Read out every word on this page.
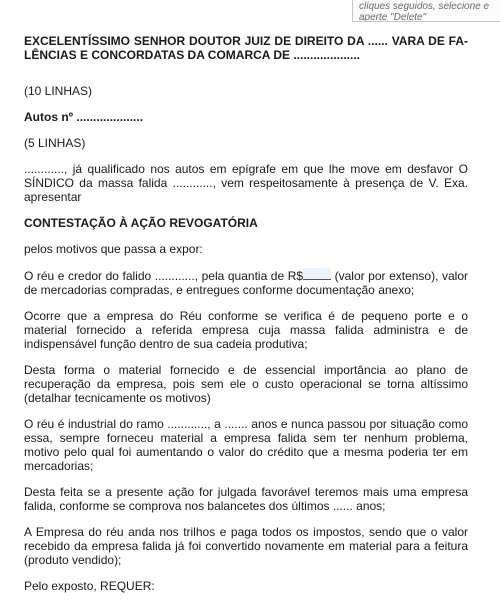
cliques seguidos, selecione e
aperte "Delete"

EXCELENTÍSSIMO SENHOR DOUTOR JUIZ DE DIREITO DA ...... VARA DE FA-LÊNCIAS E CONCORDATAS DA COMARCA DE ....................

(10 LINHAS)

Autos nº ....................

(5 LINHAS)

............, já qualificado nos autos em epígrafe em que lhe move em desfavor O SÍNDICO da massa falida ............, vem respeitosamente à presença de V. Exa. apresentar

CONTESTAÇÃO À AÇÃO REVOGATÓRIA

pelos motivos que passa a expor:

O réu e credor do falido ............, pela quantia de R$ (valor por extenso), valor de mercadorias compradas, e entregues conforme documentação anexo;

Ocorre que a empresa do Réu conforme se verifica é de pequeno porte e o material fornecido a referida empresa cuja massa falida administra e de indispensável função dentro de sua cadeia produtiva;

Desta forma o material fornecido e de essencial importância ao plano de recuperação da empresa, pois sem ele o custo operacional se torna altíssimo (detalhar tecnicamente os motivos)

O réu é industrial do ramo ............, a ....... anos e nunca passou por situação como essa, sempre forneceu material a empresa falida sem ter nenhum problema, motivo pelo qual foi aumentando o valor do crédito que a mesma poderia ter em mercadorias;

Desta feita se a presente ação for julgada favorável teremos mais uma empresa falida, conforme se comprova nos balancetes dos últimos ...... anos;

A Empresa do réu anda nos trilhos e paga todos os impostos, sendo que o valor recebido da empresa falida já foi convertido novamente em material para a feitura (produto vendido);

Pelo exposto, REQUER:
